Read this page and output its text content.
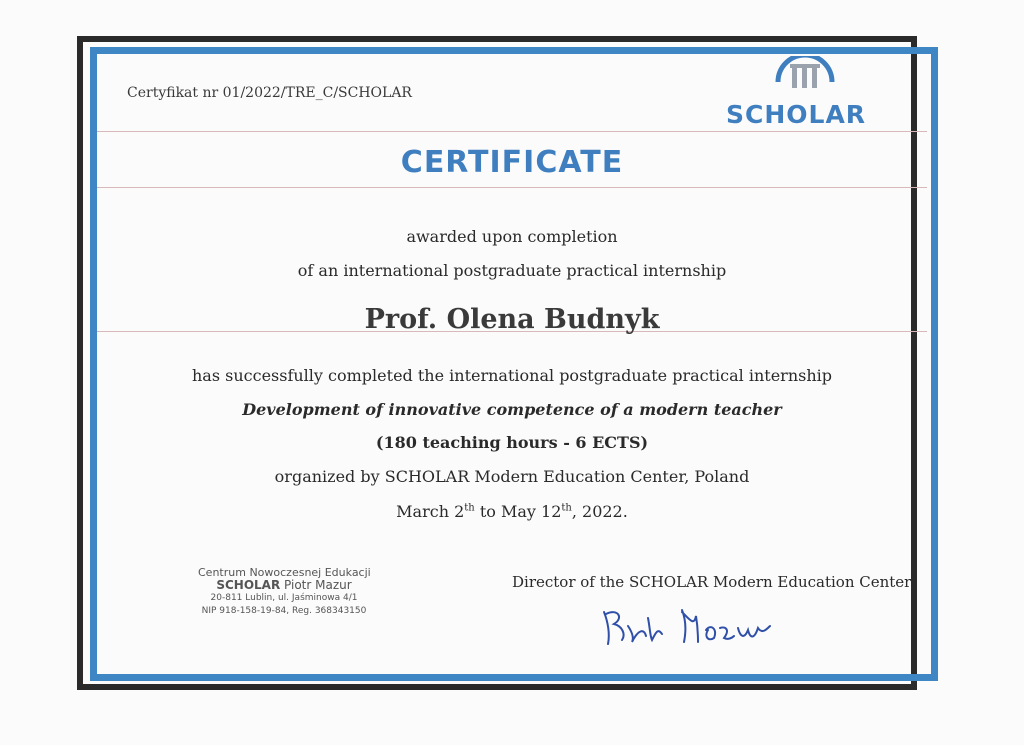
Certyfikat nr 01/2022/TRE_C/SCHOLAR
SCHOLAR
CERTIFICATE
awarded upon completion
of an international postgraduate practical internship
Prof. Olena Budnyk
has successfully completed the international postgraduate practical internship
Development of innovative competence of a modern teacher
(180 teaching hours - 6 ECTS)
organized by SCHOLAR Modern Education Center, Poland
March 2th to May 12th, 2022.
Centrum Nowoczesnej Edukacji
SCHOLAR Piotr Mazur
20-811 Lublin, ul. Jaśminowa 4/1
NIP 918-158-19-84, Reg. 368343150
Director of the SCHOLAR Modern Education Center
